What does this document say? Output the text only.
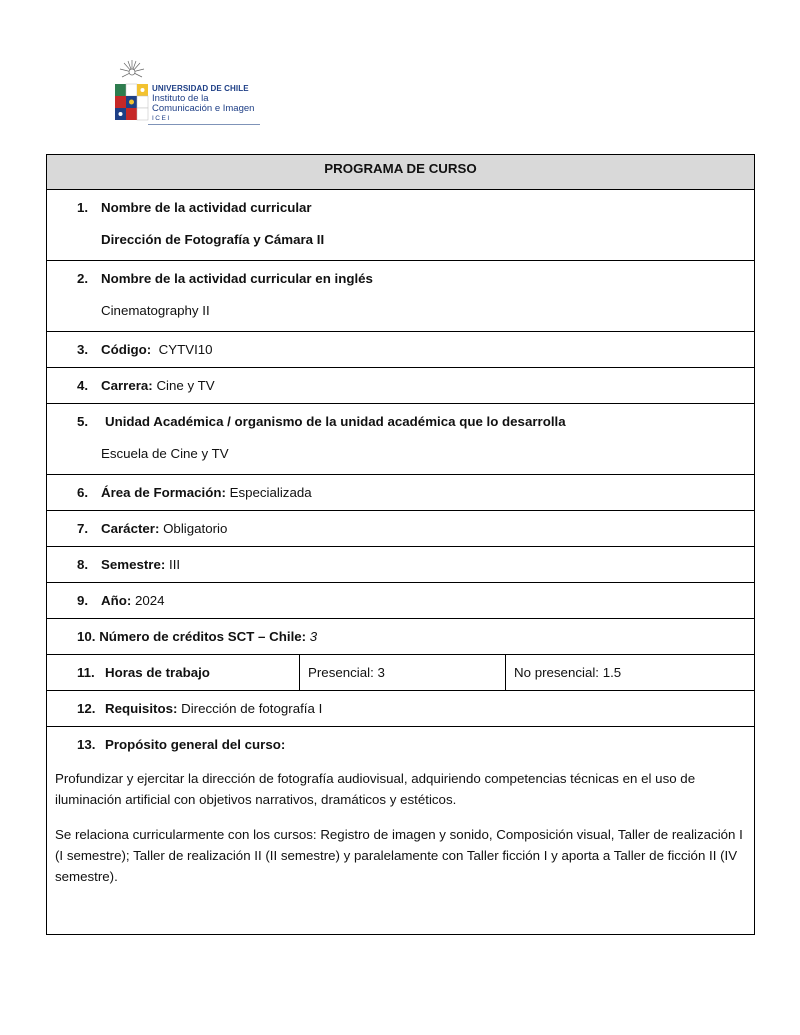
UNIVERSIDAD DE CHILE
Instituto de la
Comunicación e Imagen
ICEI
PROGRAMA DE CURSO
1. Nombre de la actividad curricular
Dirección de Fotografía y Cámara II

2. Nombre de la actividad curricular en inglés
Cinematography II

3. Código: CYTVI10
4. Carrera: Cine y TV
5. Unidad Académica / organismo de la unidad académica que lo desarrolla
Escuela de Cine y TV

6. Área de Formación: Especializada
7. Carácter: Obligatorio
8. Semestre: III
9. Año: 2024
10. Número de créditos SCT – Chile: 3
11. Horas de trabajo	Presencial: 3	No presencial: 1.5
12. Requisitos: Dirección de fotografía I
13. Propósito general del curso:

Profundizar y ejercitar la dirección de fotografía audiovisual, adquiriendo competencias técnicas en el uso de iluminación artificial con objetivos narrativos, dramáticos y estéticos.

Se relaciona curricularmente con los cursos: Registro de imagen y sonido, Composición visual, Taller de realización I (I semestre); Taller de realización II (II semestre) y paralelamente con Taller ficción I y aporta a Taller de ficción II (IV semestre).
